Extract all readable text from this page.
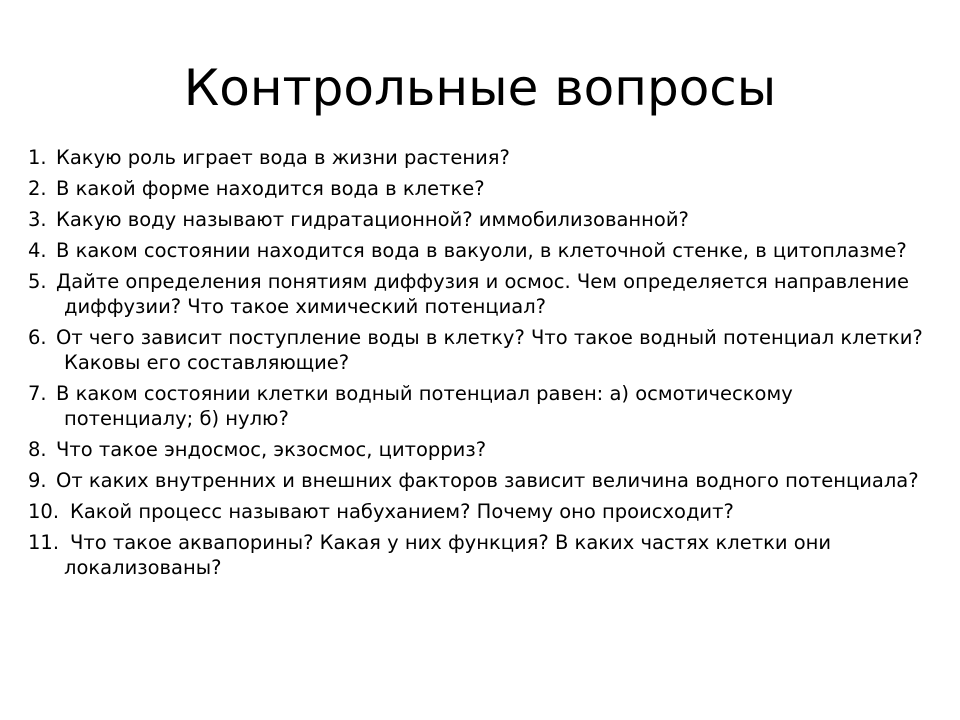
Контрольные вопросы
1. Какую роль играет вода в жизни растения?
2. В какой форме находится вода в клетке?
3. Какую воду называют гидратационной? иммобилизованной?
4. В каком состоянии находится вода в вакуоли, в клеточной стенке, в цитоплазме?
5. Дайте определения понятиям диффузия и осмос. Чем определяется направление диффузии? Что такое химический потенциал?
6. От чего зависит поступление воды в клетку? Что такое водный потенциал клетки? Каковы его составляющие?
7. В каком состоянии клетки водный потенциал равен: а) осмотическому потенциалу; б) нулю?
8. Что такое эндосмос, экзосмос, циторриз?
9. От каких внутренних и внешних факторов зависит величина водного потенциала?
10. Какой процесс называют набуханием? Почему оно происходит?
11. Что такое аквапорины? Какая у них функция? В каких частях клетки они локализованы?
